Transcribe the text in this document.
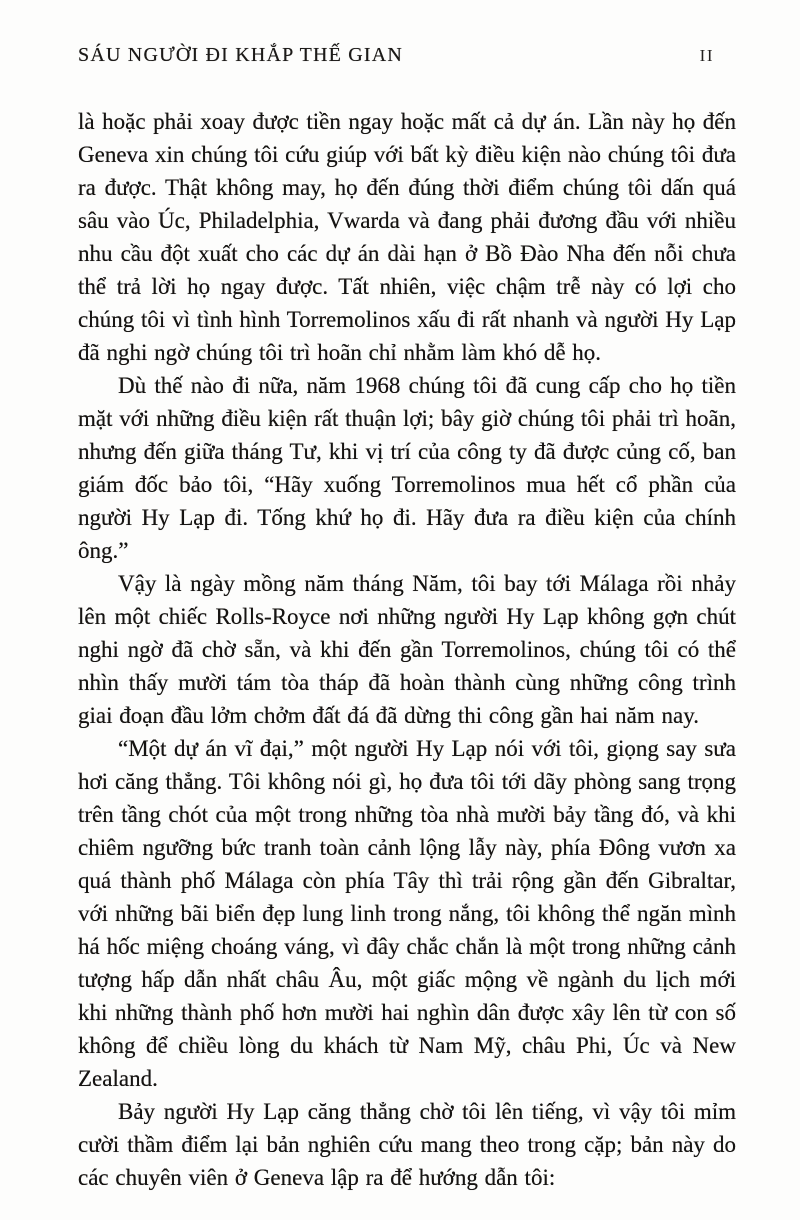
SÁU NGƯỜI ĐI KHẮP THẾ GIAN	II

là hoặc phải xoay được tiền ngay hoặc mất cả dự án. Lần này họ đến Geneva xin chúng tôi cứu giúp với bất kỳ điều kiện nào chúng tôi đưa ra được. Thật không may, họ đến đúng thời điểm chúng tôi dấn quá sâu vào Úc, Philadelphia, Vwarda và đang phải đương đầu với nhiều nhu cầu đột xuất cho các dự án dài hạn ở Bồ Đào Nha đến nỗi chưa thể trả lời họ ngay được. Tất nhiên, việc chậm trễ này có lợi cho chúng tôi vì tình hình Torremolinos xấu đi rất nhanh và người Hy Lạp đã nghi ngờ chúng tôi trì hoãn chỉ nhằm làm khó dễ họ.

Dù thế nào đi nữa, năm 1968 chúng tôi đã cung cấp cho họ tiền mặt với những điều kiện rất thuận lợi; bây giờ chúng tôi phải trì hoãn, nhưng đến giữa tháng Tư, khi vị trí của công ty đã được củng cố, ban giám đốc bảo tôi, “Hãy xuống Torremolinos mua hết cổ phần của người Hy Lạp đi. Tống khứ họ đi. Hãy đưa ra điều kiện của chính ông.”

Vậy là ngày mồng năm tháng Năm, tôi bay tới Málaga rồi nhảy lên một chiếc Rolls-Royce nơi những người Hy Lạp không gợn chút nghi ngờ đã chờ sẵn, và khi đến gần Torremolinos, chúng tôi có thể nhìn thấy mười tám tòa tháp đã hoàn thành cùng những công trình giai đoạn đầu lởm chởm đất đá đã dừng thi công gần hai năm nay.

“Một dự án vĩ đại,” một người Hy Lạp nói với tôi, giọng say sưa hơi căng thẳng. Tôi không nói gì, họ đưa tôi tới dãy phòng sang trọng trên tầng chót của một trong những tòa nhà mười bảy tầng đó, và khi chiêm ngưỡng bức tranh toàn cảnh lộng lẫy này, phía Đông vươn xa quá thành phố Málaga còn phía Tây thì trải rộng gần đến Gibraltar, với những bãi biển đẹp lung linh trong nắng, tôi không thể ngăn mình há hốc miệng choáng váng, vì đây chắc chắn là một trong những cảnh tượng hấp dẫn nhất châu Âu, một giấc mộng về ngành du lịch mới khi những thành phố hơn mười hai nghìn dân được xây lên từ con số không để chiều lòng du khách từ Nam Mỹ, châu Phi, Úc và New Zealand.

Bảy người Hy Lạp căng thẳng chờ tôi lên tiếng, vì vậy tôi mỉm cười thầm điểm lại bản nghiên cứu mang theo trong cặp; bản này do các chuyên viên ở Geneva lập ra để hướng dẫn tôi:
